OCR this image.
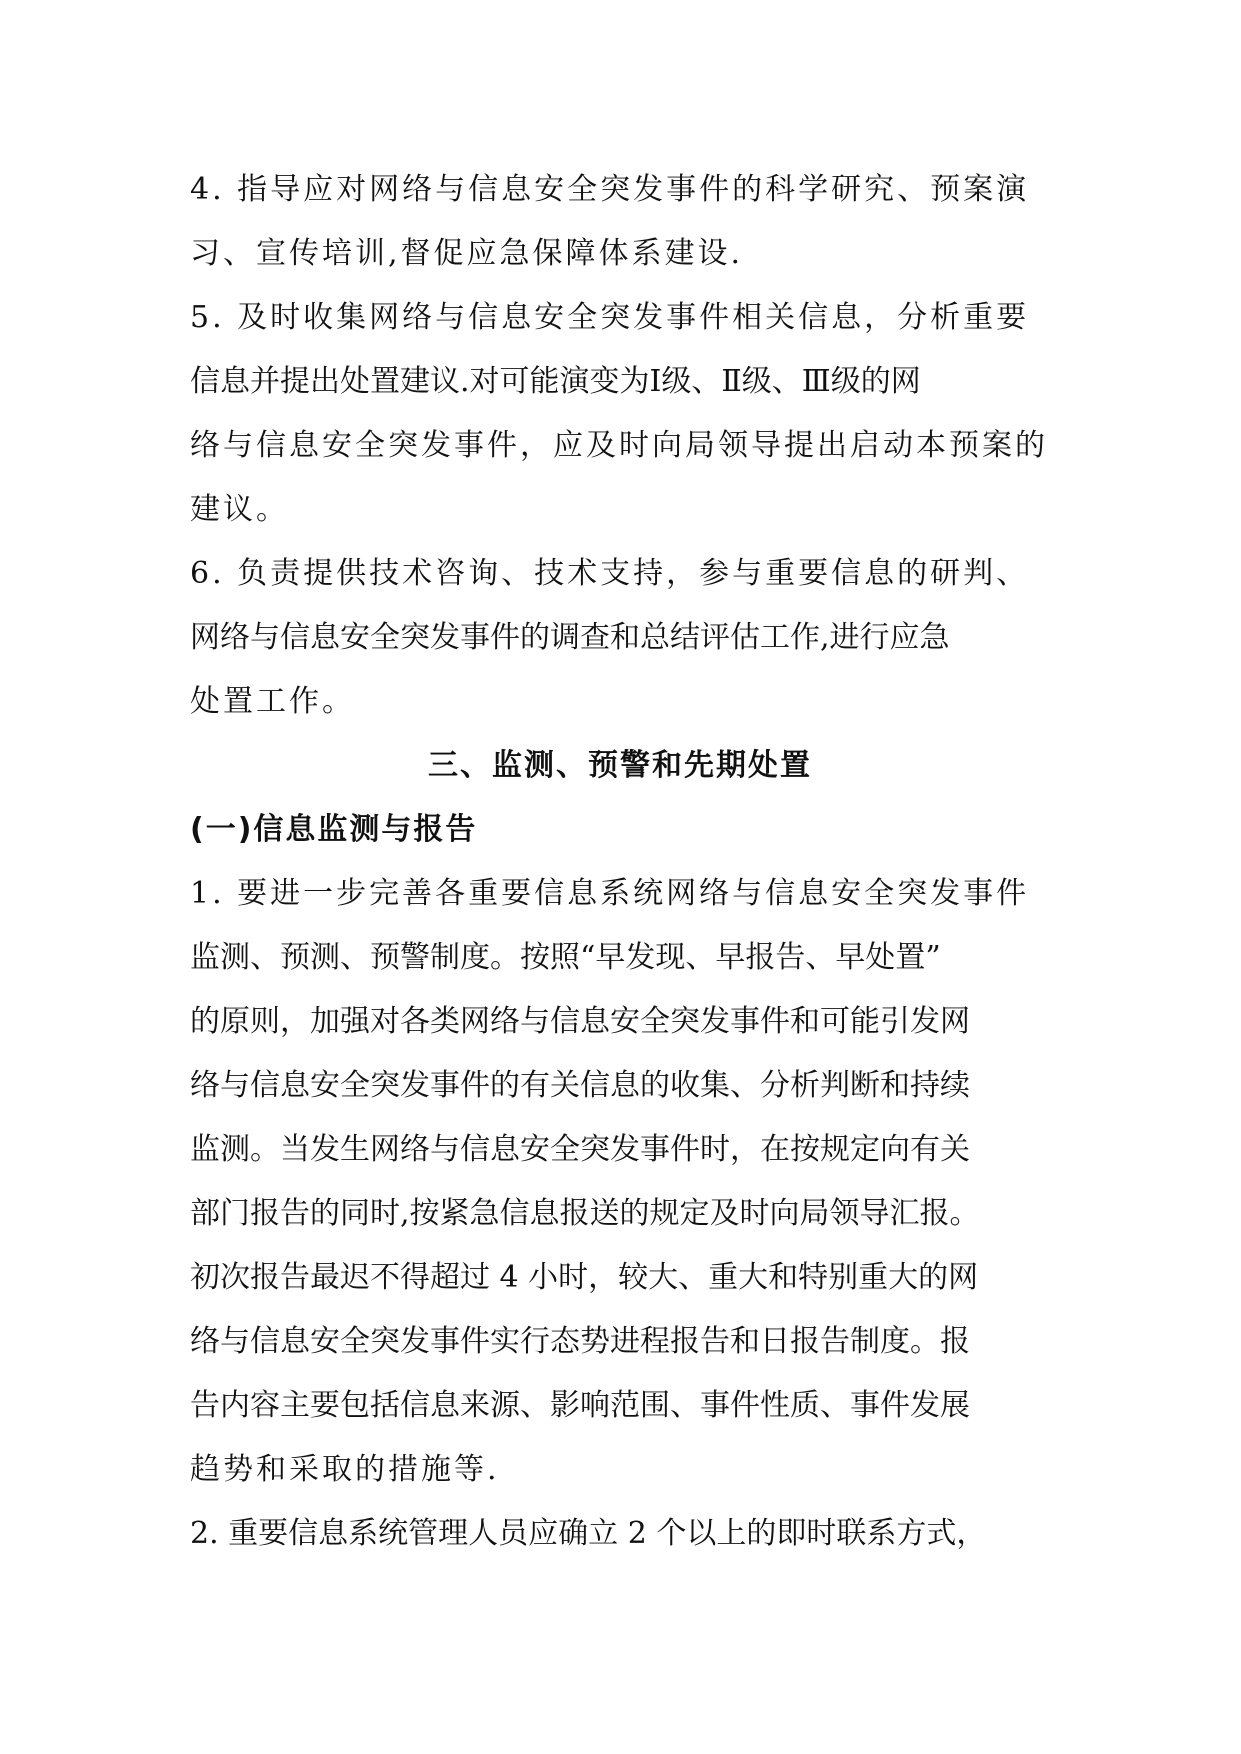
4. 指导应对网络与信息安全突发事件的科学研究、预案演
习、宣传培训,督促应急保障体系建设.
5. 及时收集网络与信息安全突发事件相关信息，分析重要
信息并提出处置建议.对可能演变为Ⅰ级、Ⅱ级、Ⅲ级的网
络与信息安全突发事件，应及时向局领导提出启动本预案的
建议。
6. 负责提供技术咨询、技术支持，参与重要信息的研判、
网络与信息安全突发事件的调查和总结评估工作,进行应急
处置工作。
三、监测、预警和先期处置
(一)信息监测与报告
1. 要进一步完善各重要信息系统网络与信息安全突发事件
监测、预测、预警制度。按照“早发现、早报告、早处置”
的原则，加强对各类网络与信息安全突发事件和可能引发网
络与信息安全突发事件的有关信息的收集、分析判断和持续
监测。当发生网络与信息安全突发事件时，在按规定向有关
部门报告的同时,按紧急信息报送的规定及时向局领导汇报。
初次报告最迟不得超过 4 小时，较大、重大和特别重大的网
络与信息安全突发事件实行态势进程报告和日报告制度。报
告内容主要包括信息来源、影响范围、事件性质、事件发展
趋势和采取的措施等.
2. 重要信息系统管理人员应确立 2 个以上的即时联系方式，
